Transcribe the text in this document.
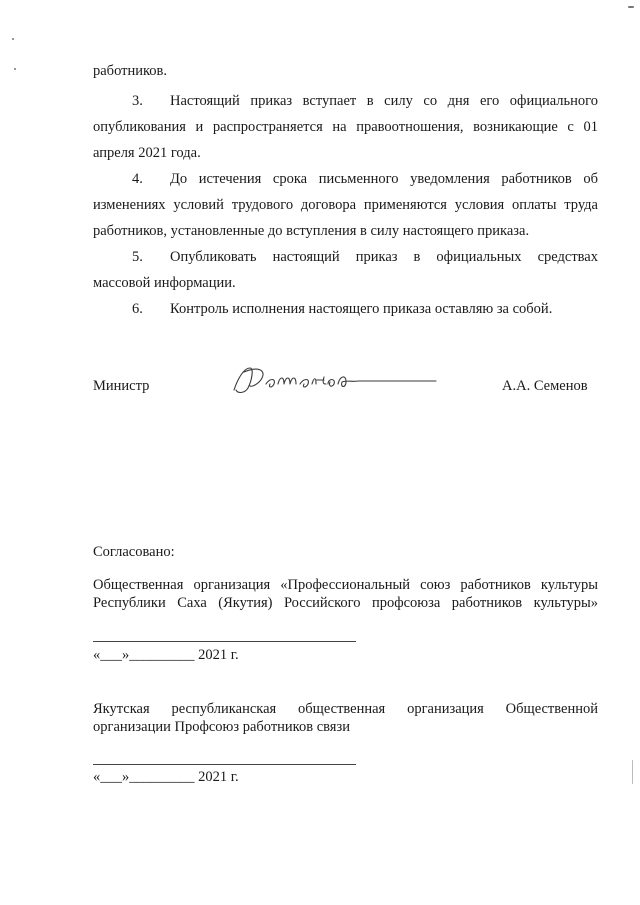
работников.
3. Настоящий приказ вступает в силу со дня его официального
опубликования и распространяется на правоотношения, возникающие с 01
апреля 2021 года.
4. До истечения срока письменного уведомления работников об
изменениях условий трудового договора применяются условия оплаты труда
работников, установленные до вступления в силу настоящего приказа.
5. Опубликовать настоящий приказ в официальных средствах
массовой информации.
6. Контроль исполнения настоящего приказа оставляю за собой.
Министр	А.А. Семенов
Согласовано:
Общественная организация «Профессиональный союз работников культуры
Республики Саха (Якутия) Российского профсоюза работников культуры»
«___»_________ 2021 г.
Якутская республиканская общественная организация Общественной
организации Профсоюз работников связи
«___»_________ 2021 г.
